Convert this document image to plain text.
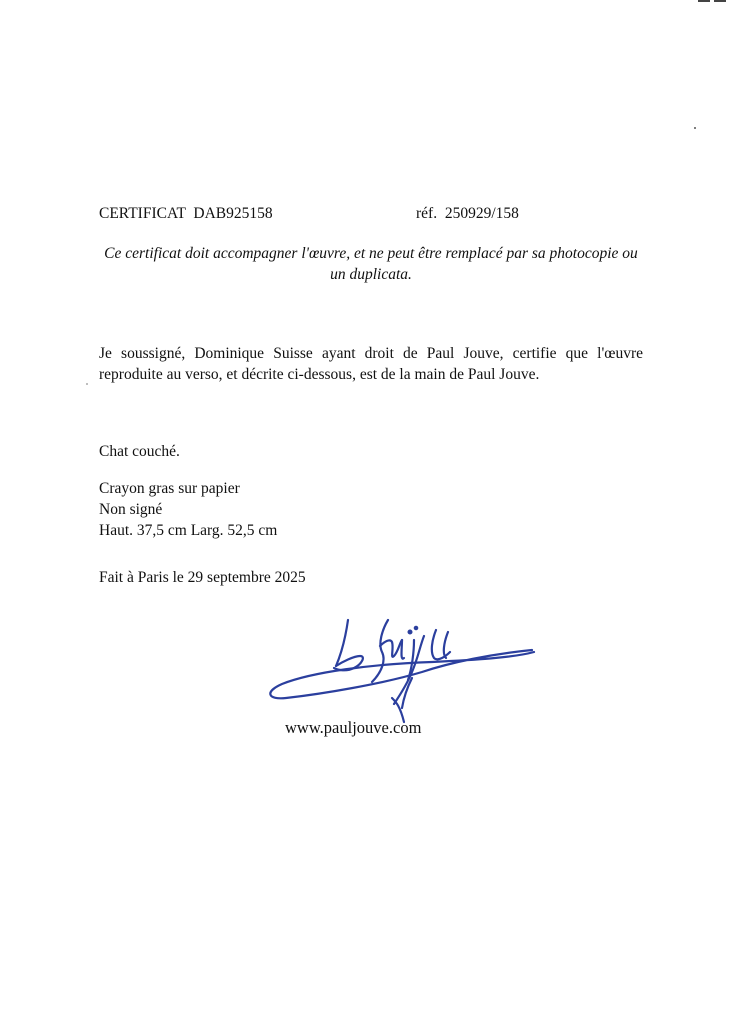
CERTIFICAT  DAB925158	réf.  250929/158
Ce certificat doit accompagner l'œuvre, et ne peut être remplacé par sa photocopie ou un duplicata.
Je soussigné, Dominique Suisse ayant droit de Paul Jouve, certifie que l'œuvre reproduite au verso, et décrite ci-dessous, est de la main de Paul Jouve.
Chat couché.
Crayon gras sur papier
Non signé
Haut. 37,5 cm Larg. 52,5 cm
Fait à Paris le 29 septembre 2025
www.pauljouve.com
